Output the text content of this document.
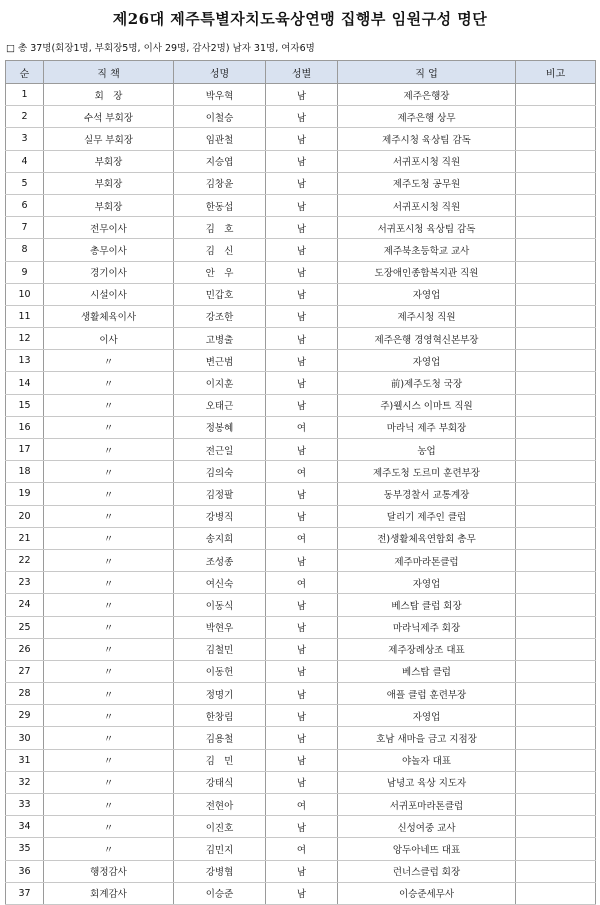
제26대 제주특별자치도육상연맹 집행부 임원구성 명단
□ 총 37명(회장1명, 부회장5명, 이사 29명, 감사2명) 남자 31명, 여자6명
순	직 책	성명	성별	직 업	비고
1	회　장	박우혁	남	제주은행장	
2	수석 부회장	이철승	남	제주은행 상무	
3	실무 부회장	임관철	남	제주시청 육상팀 감독	
4	부회장	지승엽	남	서귀포시청 직원	
5	부회장	김창윤	남	제주도청 공무원	
6	부회장	한동섭	남	서귀포시청 직원	
7	전무이사	김　호	남	서귀포시청 육상팀 감독	
8	총무이사	김　신	남	제주북초등학교 교사	
9	경기이사	안　우	남	도장애인종합복지관 직원	
10	시설이사	민갑호	남	자영업	
11	생활체육이사	강조한	남	제주시청 직원	
12	이사	고병출	남	제주은행 경영혁신본부장	
13	〃	변근범	남	자영업	
14	〃	이지훈	남	前)제주도청 국장	
15	〃	오태근	남	주)웰시스 이마트 직원	
16	〃	정봉혜	여	마라닉 제주 부회장	
17	〃	전근일	남	농업	
18	〃	김의숙	여	제주도청 도르미 훈련부장	
19	〃	김정팔	남	동부경찰서 교통계장	
20	〃	강병직	남	달리기 제주인 클럽	
21	〃	송지희	여	전)생활체육연합회 총무	
22	〃	조성종	남	제주마라톤클럽	
23	〃	여신숙	여	자영업	
24	〃	이동식	남	베스탑 클럽 회장	
25	〃	박현우	남	마라닉제주 회장	
26	〃	김철민	남	제주장례상조 대표	
27	〃	이동헌	남	베스탑 클럽	
28	〃	정명기	남	애플 클럽 훈련부장	
29	〃	한창림	남	자영업	
30	〃	김용철	남	호남 새마을 금고 지점장	
31	〃	김　민	남	야놀자 대표	
32	〃	강태식	남	남녕고 육상 지도자	
33	〃	전현아	여	서귀포마라톤클럽	
34	〃	이진호	남	신성여중 교사	
35	〃	김민지	여	앙두아네뜨 대표	
36	행정감사	강병협	남	런너스클럽 회장	
37	회계감사	이승준	남	이승준세무사	
